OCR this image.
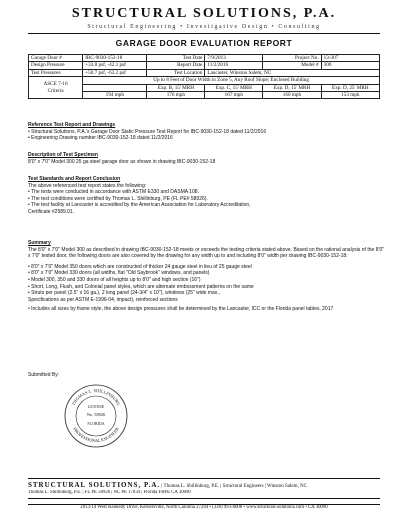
STRUCTURAL SOLUTIONS, P.A.
Structural Engineering • Investigative Design • Consulting
GARAGE DOOR EVALUATION REPORT
Garage Door #	IBC-9030-152-18	Test Date	7/9/2013	Project No.	13-307
Design Pressure	+33.8 psf, -42.1 psf	Report Date	11/2/2016	Model #	300
Test Pressures	+50.7 psf, -63.2 psf	Test Location	Lancaster, Winston Salem, NC		

ASCE 7-16
Criteria	Up to 8 Feet of Door Width in Zone 5, Any Roof Slope; Enclosed Building				
		Exp. B, 15' MRH	Exp. C, 15' MRH	Exp. D, 15' MRH	Exp. D, 25' MRH
	194 mph	176 mph	167 mph	160 mph	153 mph
Reference Test Report and Drawings
• Structural Solutions, P.A.'s Garage Door Static Pressure Test Report for IBC-9030-152-18 dated 11/2/2016
• Engineering Drawing number IBC-9030-152-18 dated 11/2/2016
Description of Test Specimen
8'0" x 7'0" Model 300 25 ga steel garage door as shown in drawing IBC-9030-152-18
Test Standards and Report Conclusion
The above referenced test report states the following:
• The tests were conducted in accordance with ASTM E330 and DASMA 108.
• The test conditions were certified by Thomas L. Shillinburg, PE (FL PE# 58926).
• The test facility at Lancaster is accredited by the American Association for Laboratory Accreditation,
Certificate #2589.01.
Summary

The 8'0" x 7'0" Model 300 as described in drawing IBC-9030-152-18 meets or exceeds the testing criteria stated above. Based on the rational analysis of the 8'0" x 7'0" tested door, the following doors are also covered by the drawing for any width up to and including 8'0" width per drawing IBC-9030-152-18:

• 8'0" x 7'0" Model 350 doors which are constructed of thicker 24 gauge steel in lieu of 25 gauge steel
• 8'0" x 7'0" Model 330 doors (all widths, flat "Old Saybrook" windows, and panels)
• Model 300, 350 and 330 doors of all heights up to 8'0" and high section (16")
• Short, Long, Flush, and Colonial panel styles, which are alternate embossment patterns on the same
• Struts per panel (2.5" x 16 ga.), 2 long panel (24-3/4" x 10"), windows (25" wide max.,
Specifications as per ASTM E-1996-04, impact), reinforced sections
• Includes all sizes by frame style, the above design pressures shall be determined by the Lancaster, ICC or the Florida panel tables, 2017
Submitted By:
THOMAS L. SHILLINBURG
PROFESSIONAL ENGINEER
LICENSE
No. 58926
FLORIDA
STRUCTURAL SOLUTIONS, P.A. | Thomas L. Shillinburg, P.E. | Structural Engineers | Winston Salem, NC
Thomas L. Shillinburg, P.E. | FL PE 58926 | NC PE 17034 | Florida FBPE CA 30090
2013-14 West Kennedy Drive, Kernersville, North Carolina 27284 • (336) 993-8008 • www.structural-solutions.com • CA 30090
